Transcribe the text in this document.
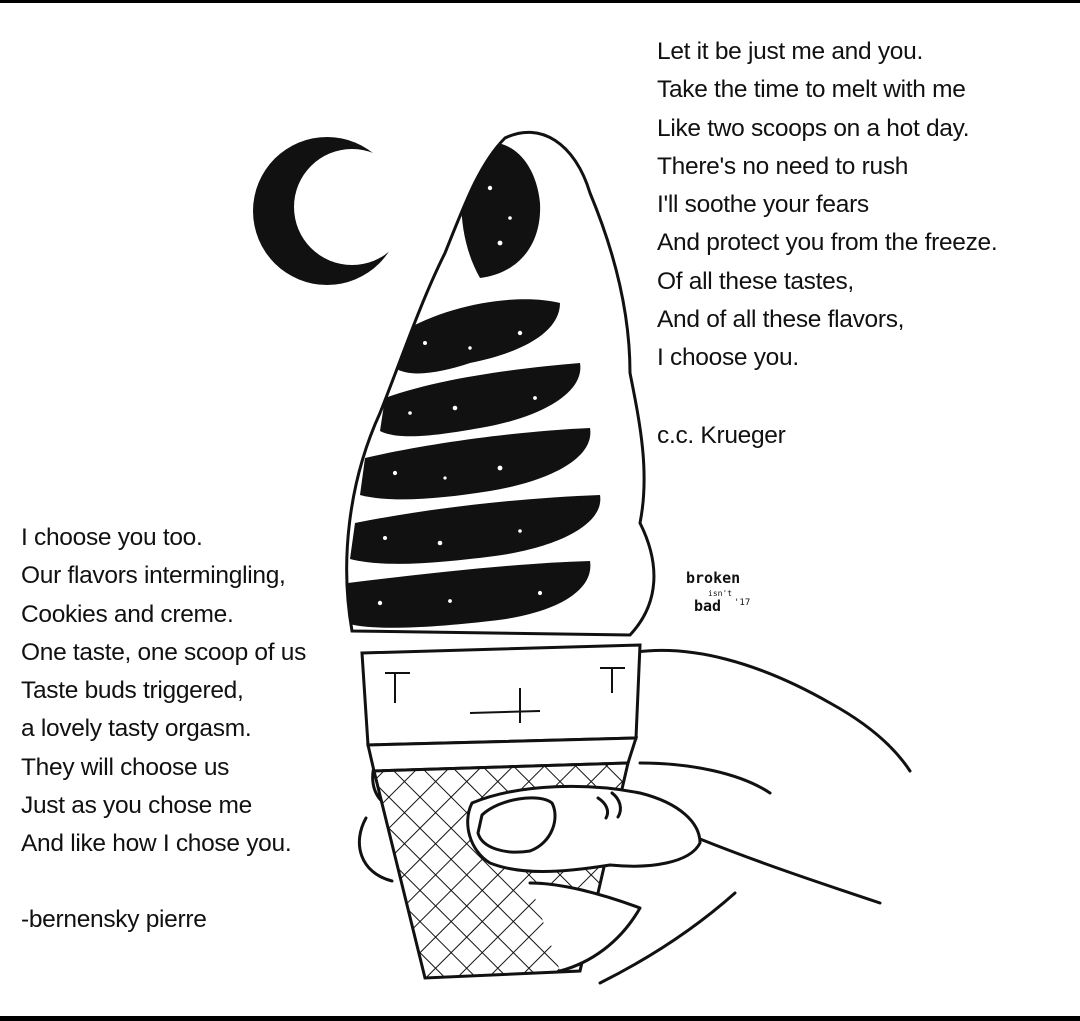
Let it be just me and you.
Take the time to melt with me
Like two scoops on a hot day.
There's no need to rush
I'll soothe your fears
And protect you from the freeze.
Of all these tastes,
And of all these flavors,
I choose you.
c.c. Krueger
I choose you too.
Our flavors intermingling,
Cookies and creme.
One taste, one scoop of us
Taste buds triggered,
a lovely tasty orgasm.
They will choose us
Just as you chose me
And like how I chose you.
-bernensky pierre
broken
isn't
bad '17
